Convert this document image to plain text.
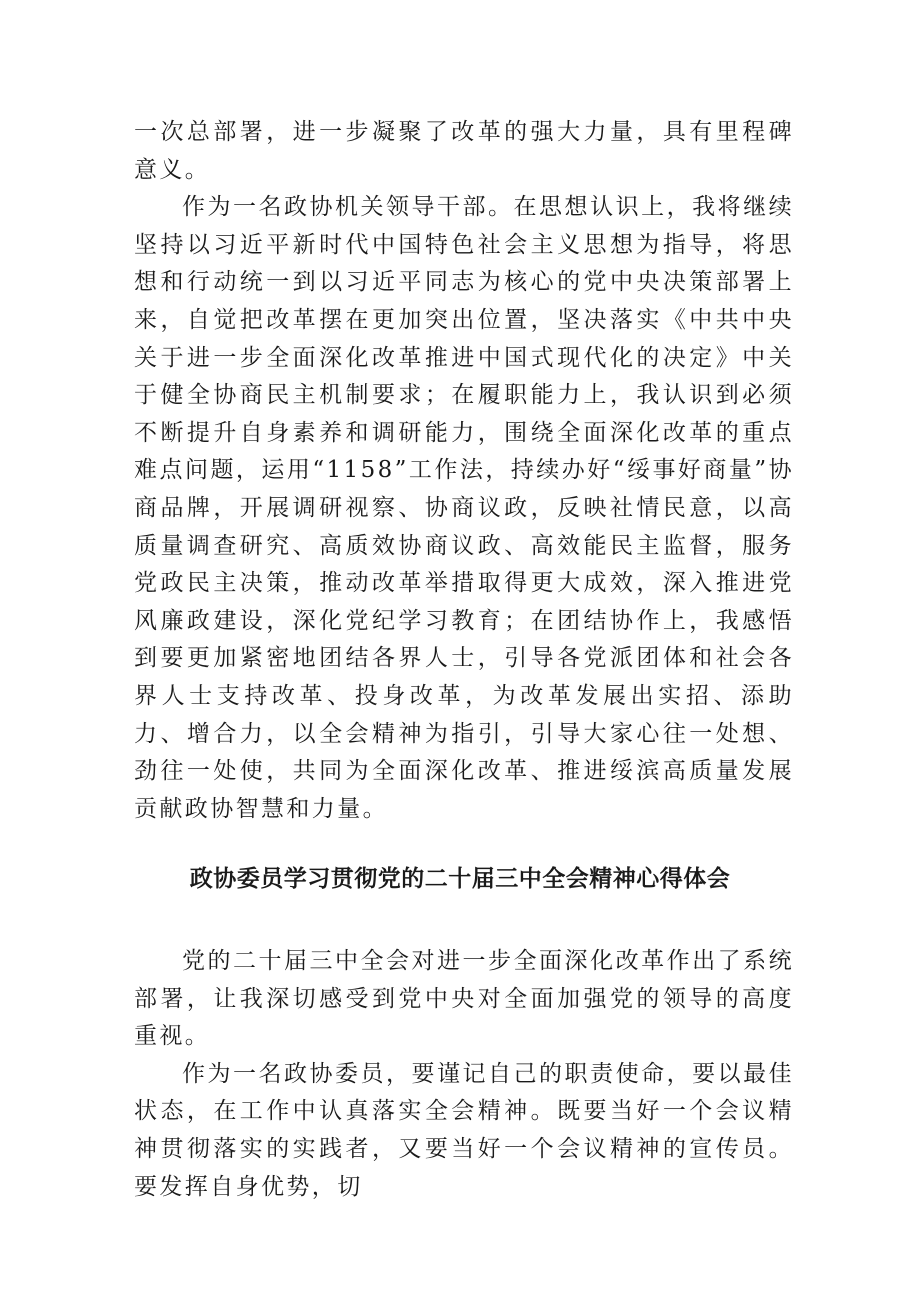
一次总部署，进一步凝聚了改革的强大力量，具有里程碑意义。

作为一名政协机关领导干部。在思想认识上，我将继续坚持以习近平新时代中国特色社会主义思想为指导，将思想和行动统一到以习近平同志为核心的党中央决策部署上来，自觉把改革摆在更加突出位置，坚决落实《中共中央关于进一步全面深化改革推进中国式现代化的决定》中关于健全协商民主机制要求；在履职能力上，我认识到必须不断提升自身素养和调研能力，围绕全面深化改革的重点难点问题，运用“1158”工作法，持续办好“绥事好商量”协商品牌，开展调研视察、协商议政，反映社情民意，以高质量调查研究、高质效协商议政、高效能民主监督，服务党政民主决策，推动改革举措取得更大成效，深入推进党风廉政建设，深化党纪学习教育；在团结协作上，我感悟到要更加紧密地团结各界人士，引导各党派团体和社会各界人士支持改革、投身改革，为改革发展出实招、添助力、增合力，以全会精神为指引，引导大家心往一处想、劲往一处使，共同为全面深化改革、推进绥滨高质量发展贡献政协智慧和力量。

政协委员学习贯彻党的二十届三中全会精神心得体会

党的二十届三中全会对进一步全面深化改革作出了系统部署，让我深切感受到党中央对全面加强党的领导的高度重视。

作为一名政协委员，要谨记自己的职责使命，要以最佳状态，在工作中认真落实全会精神。既要当好一个会议精神贯彻落实的实践者，又要当好一个会议精神的宣传员。要发挥自身优势，切
